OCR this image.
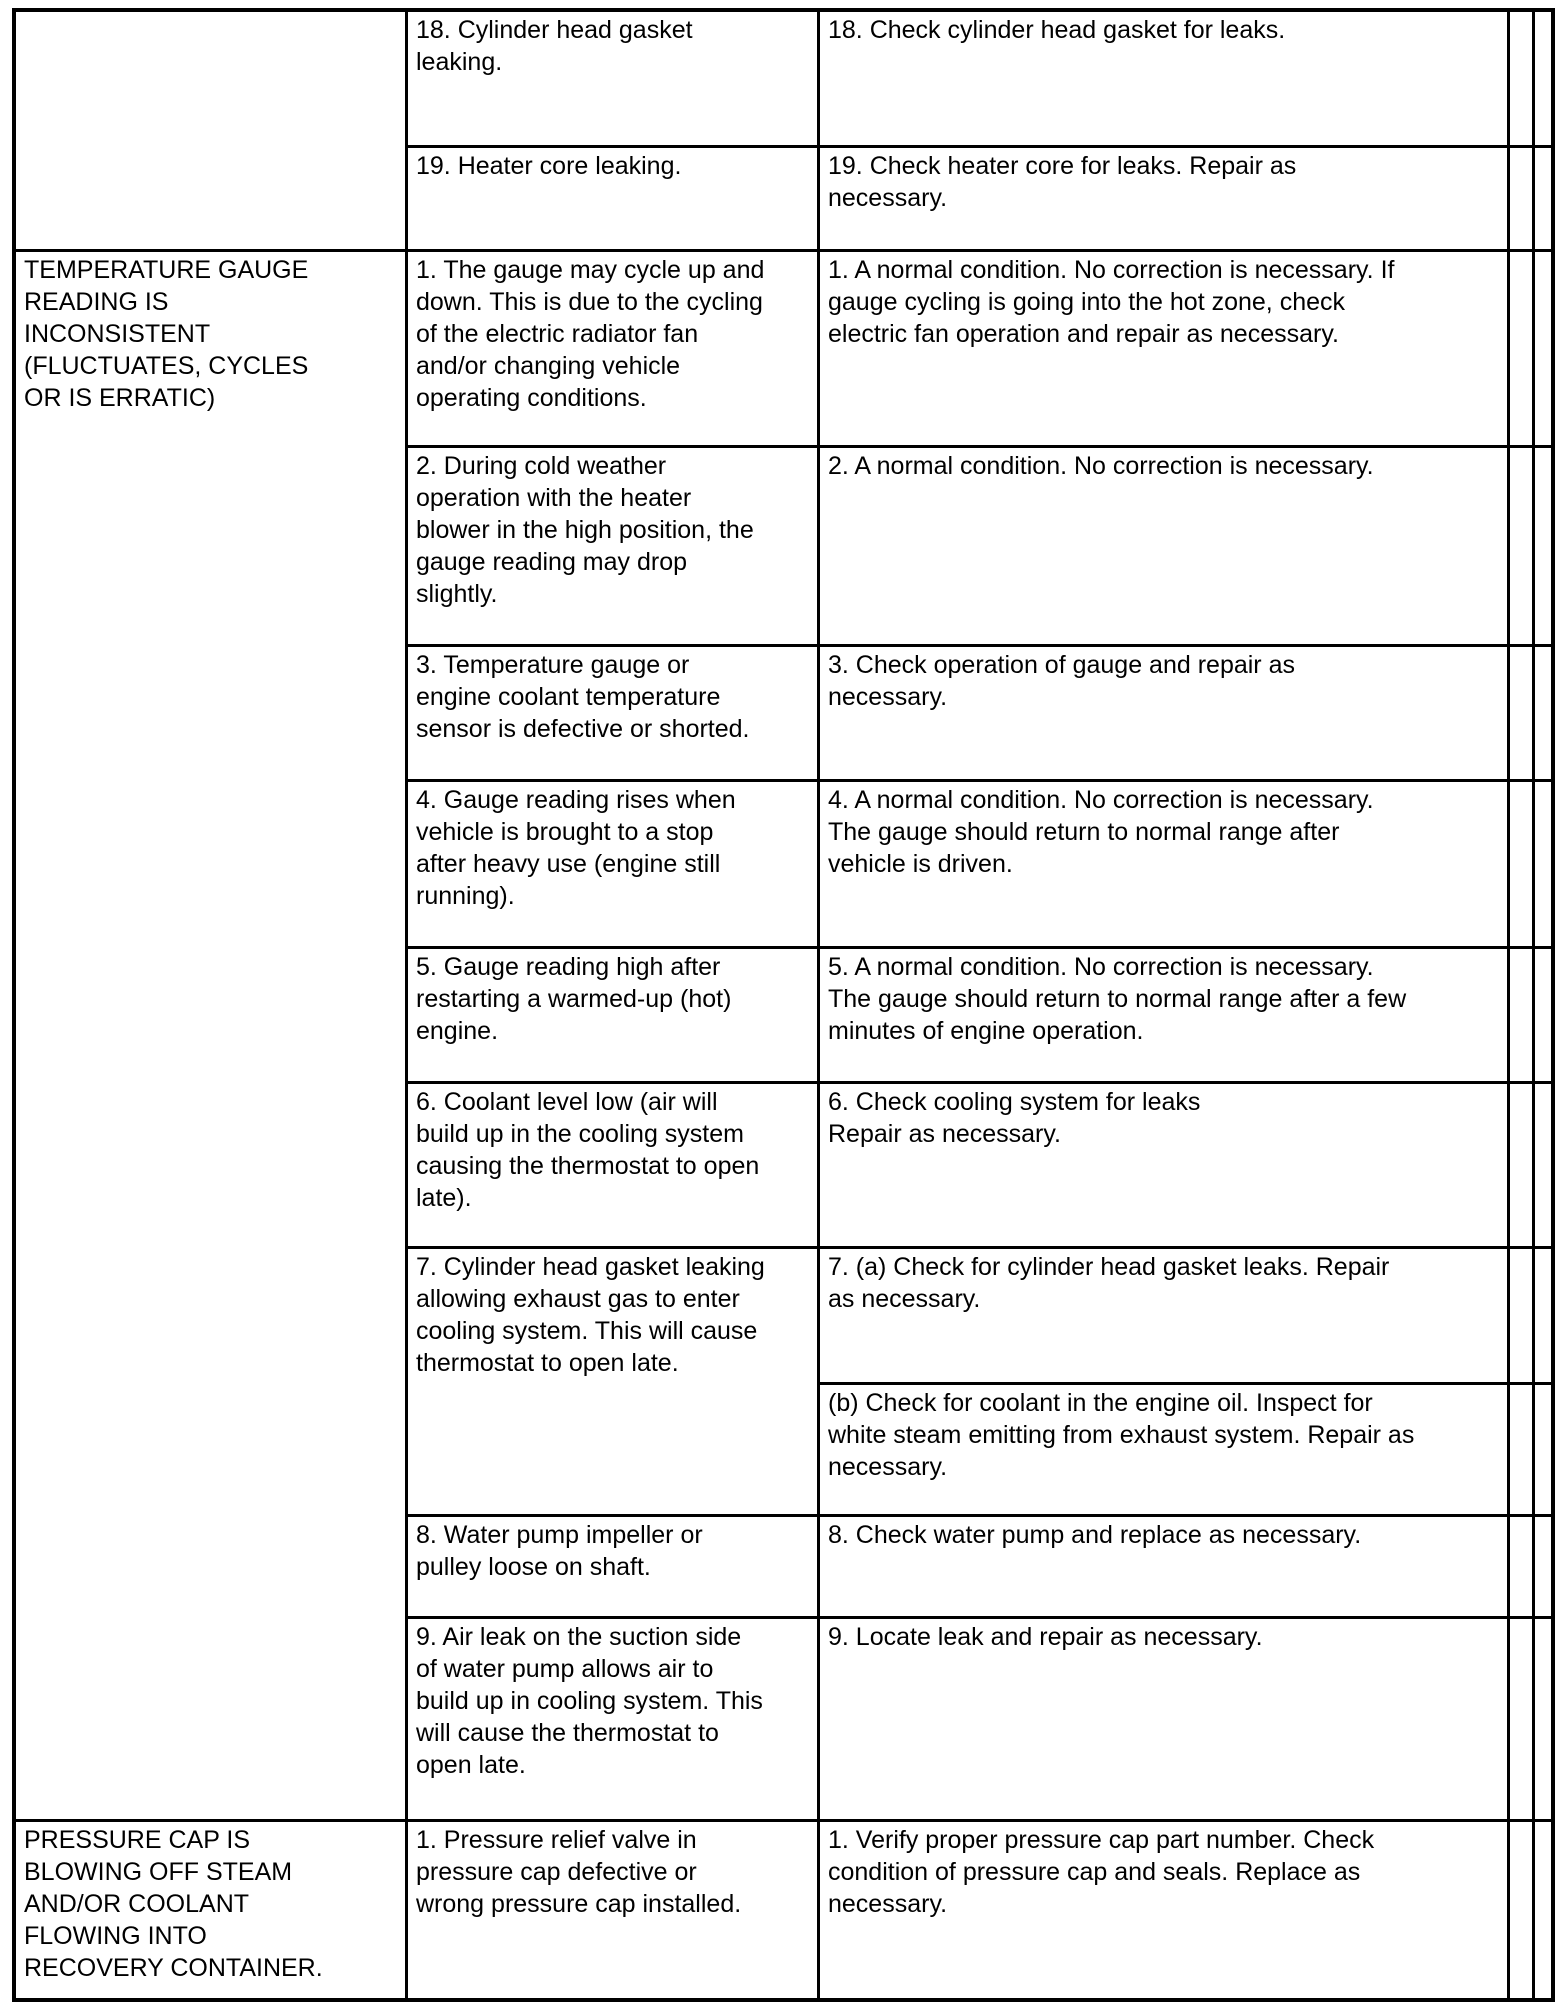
18. Cylinder head gasket
leaking.
18. Check cylinder head gasket for leaks.
19. Heater core leaking.	19. Check heater core for leaks. Repair as
necessary.
TEMPERATURE GAUGE
READING IS
INCONSISTENT
(FLUCTUATES, CYCLES
OR IS ERRATIC)
1. The gauge may cycle up and
down. This is due to the cycling
of the electric radiator fan
and/or changing vehicle
operating conditions.
1. A normal condition. No correction is necessary. If
gauge cycling is going into the hot zone, check
electric fan operation and repair as necessary.
2. During cold weather
operation with the heater
blower in the high position, the
gauge reading may drop
slightly.
2. A normal condition. No correction is necessary.
3. Temperature gauge or
engine coolant temperature
sensor is defective or shorted.
3. Check operation of gauge and repair as
necessary.
4. Gauge reading rises when
vehicle is brought to a stop
after heavy use (engine still
running).
4. A normal condition. No correction is necessary.
The gauge should return to normal range after
vehicle is driven.
5. Gauge reading high after
restarting a warmed-up (hot)
engine.
5. A normal condition. No correction is necessary.
The gauge should return to normal range after a few
minutes of engine operation.
6. Coolant level low (air will
build up in the cooling system
causing the thermostat to open
late).
6. Check cooling system for leaks
Repair as necessary.
7. Cylinder head gasket leaking
allowing exhaust gas to enter
cooling system. This will cause
thermostat to open late.
7. (a) Check for cylinder head gasket leaks. Repair
as necessary.
(b) Check for coolant in the engine oil. Inspect for
white steam emitting from exhaust system. Repair as
necessary.
8. Water pump impeller or
pulley loose on shaft.
8. Check water pump and replace as necessary.
9. Air leak on the suction side
of water pump allows air to
build up in cooling system. This
will cause the thermostat to
open late.
9. Locate leak and repair as necessary.
PRESSURE CAP IS
BLOWING OFF STEAM
AND/OR COOLANT
FLOWING INTO
RECOVERY CONTAINER.
1. Pressure relief valve in
pressure cap defective or
wrong pressure cap installed.
1. Verify proper pressure cap part number. Check
condition of pressure cap and seals. Replace as
necessary.
